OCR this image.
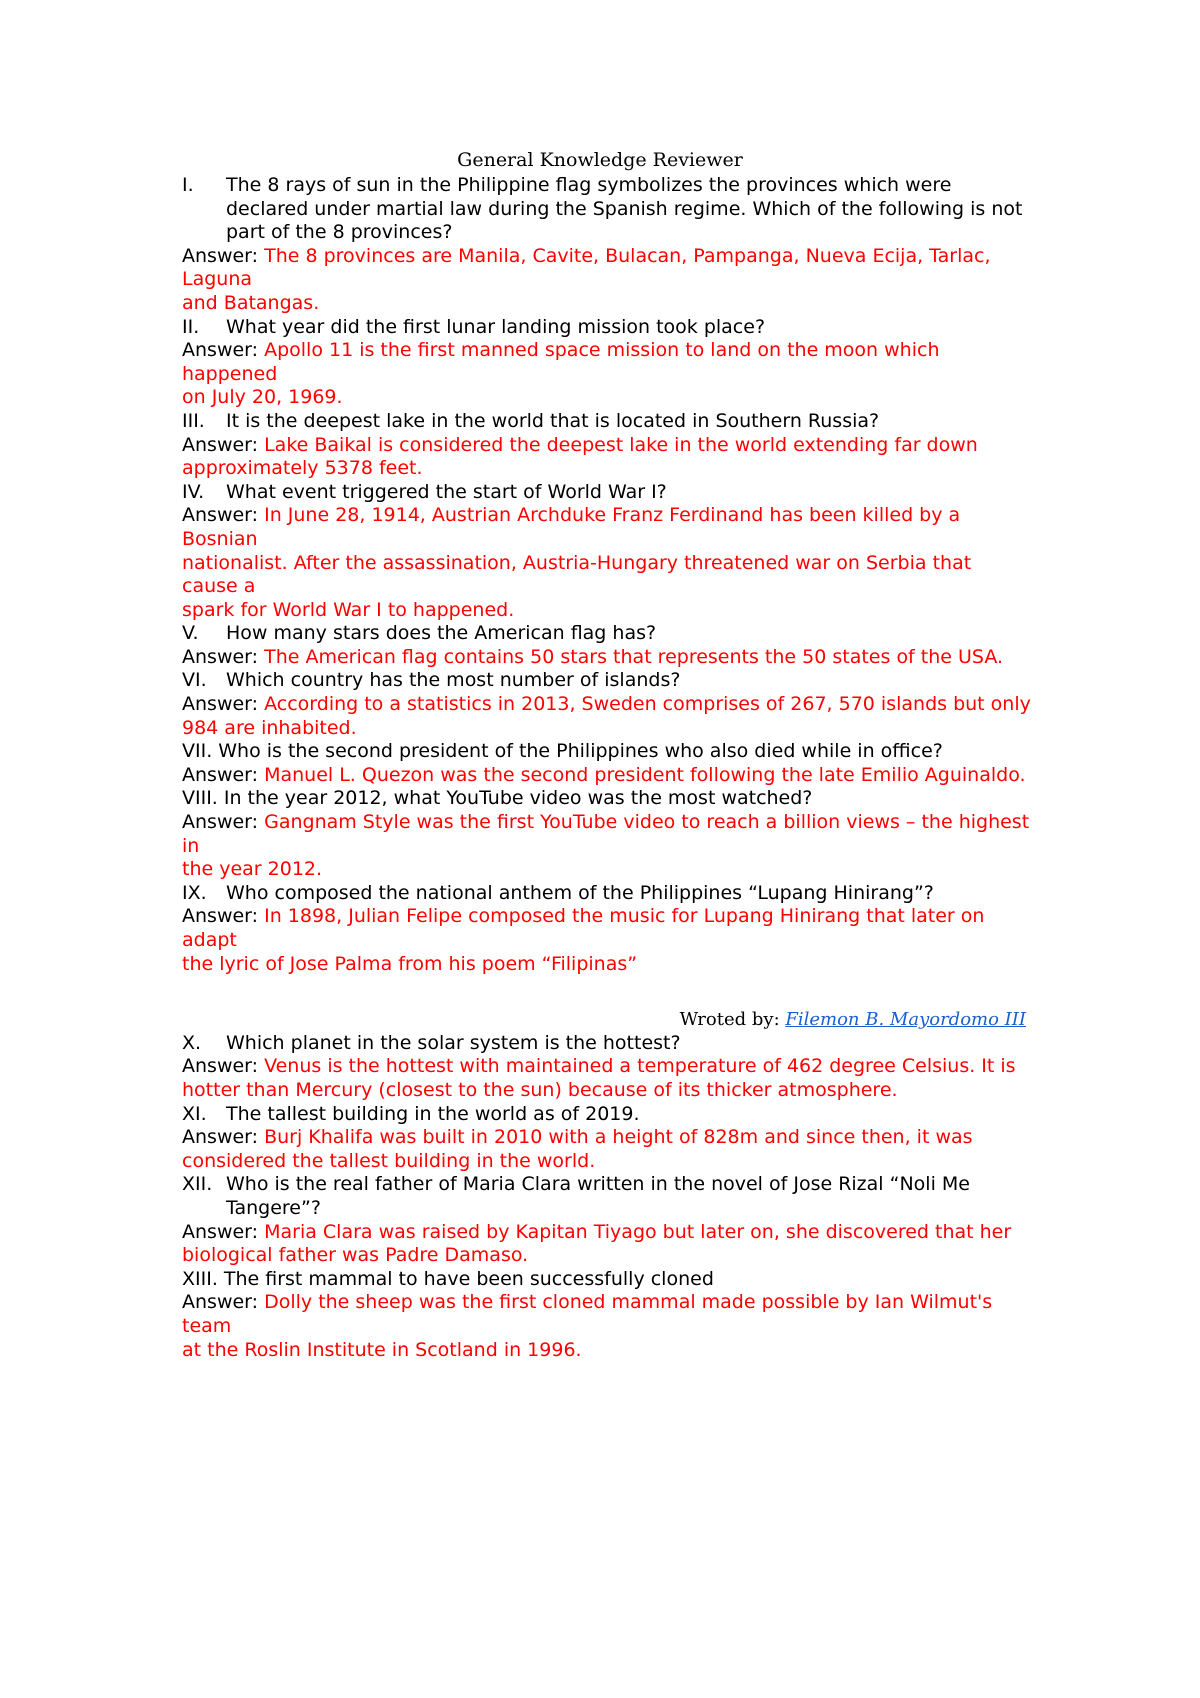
General Knowledge Reviewer
I.	The 8 rays of sun in the Philippine flag symbolizes the provinces which were declared under martial law during the Spanish regime. Which of the following is not part of the 8 provinces?
Answer: The 8 provinces are Manila, Cavite, Bulacan, Pampanga, Nueva Ecija, Tarlac, Laguna
and Batangas.
II.	What year did the first lunar landing mission took place?
Answer: Apollo 11 is the first manned space mission to land on the moon which happened
on July 20, 1969.
III.	It is the deepest lake in the world that is located in Southern Russia?
Answer: Lake Baikal is considered the deepest lake in the world extending far down
approximately 5378 feet.
IV.	What event triggered the start of World War I?
Answer: In June 28, 1914, Austrian Archduke Franz Ferdinand has been killed by a Bosnian
nationalist. After the assassination, Austria-Hungary threatened war on Serbia that cause a
spark for World War I to happened.
V.	How many stars does the American flag has?
Answer: The American flag contains 50 stars that represents the 50 states of the USA.
VI.	Which country has the most number of islands?
Answer: According to a statistics in 2013, Sweden comprises of 267, 570 islands but only
984 are inhabited.
VII. Who is the second president of the Philippines who also died while in office?
Answer: Manuel L. Quezon was the second president following the late Emilio Aguinaldo.
VIII. In the year 2012, what YouTube video was the most watched?
Answer: Gangnam Style was the first YouTube video to reach a billion views – the highest in
the year 2012.
IX.	Who composed the national anthem of the Philippines “Lupang Hinirang”?
Answer: In 1898, Julian Felipe composed the music for Lupang Hinirang that later on adapt
the lyric of Jose Palma from his poem “Filipinas”
Wroted by: Filemon B. Mayordomo III
X.	Which planet in the solar system is the hottest?
Answer: Venus is the hottest with maintained a temperature of 462 degree Celsius. It is
hotter than Mercury (closest to the sun) because of its thicker atmosphere.
XI.	The tallest building in the world as of 2019.
Answer: Burj Khalifa was built in 2010 with a height of 828m and since then, it was
considered the tallest building in the world.
XII. Who is the real father of Maria Clara written in the novel of Jose Rizal “Noli Me Tangere”?
Answer: Maria Clara was raised by Kapitan Tiyago but later on, she discovered that her
biological father was Padre Damaso.
XIII. The first mammal to have been successfully cloned
Answer: Dolly the sheep was the first cloned mammal made possible by Ian Wilmut's team
at the Roslin Institute in Scotland in 1996.
